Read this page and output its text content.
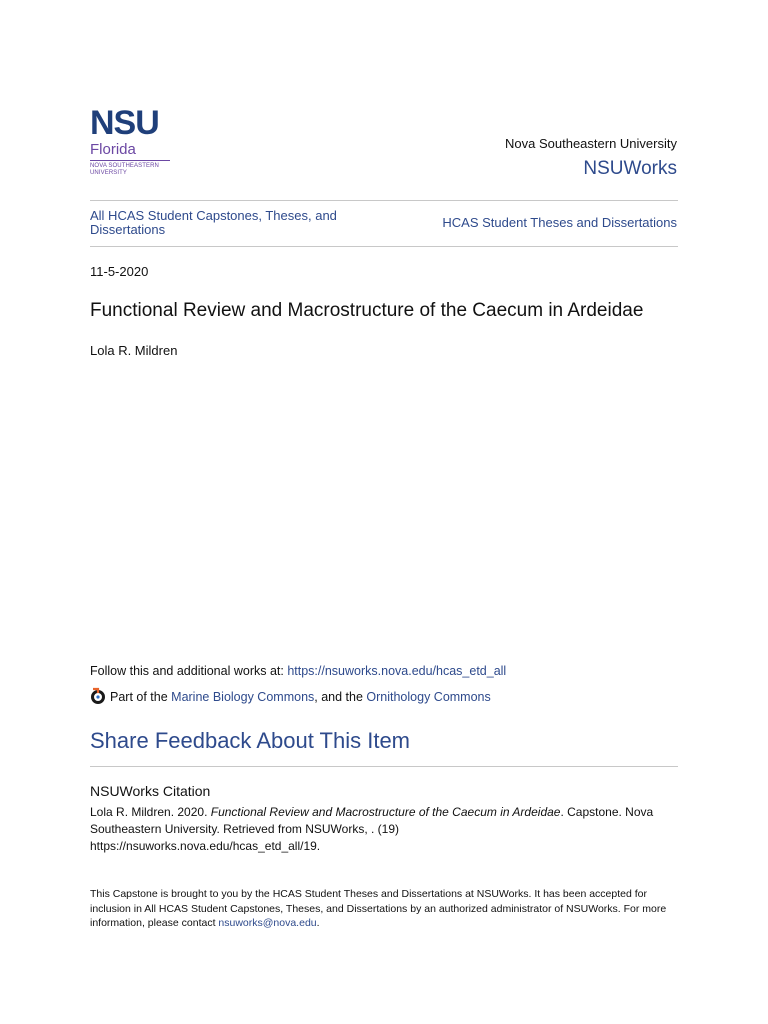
NSU
Florida
NOVA SOUTHEASTERN
UNIVERSITY
Nova Southeastern University
NSUWorks
All HCAS Student Capstones, Theses, and Dissertations	HCAS Student Theses and Dissertations
11-5-2020
Functional Review and Macrostructure of the Caecum in Ardeidae
Lola R. Mildren
Follow this and additional works at: https://nsuworks.nova.edu/hcas_etd_all
Part of the Marine Biology Commons , and the Ornithology Commons
Share Feedback About This Item
NSUWorks Citation
Lola R. Mildren. 2020. Functional Review and Macrostructure of the Caecum in Ardeidae. Capstone. Nova Southeastern University. Retrieved from NSUWorks, . (19)
https://nsuworks.nova.edu/hcas_etd_all/19.
This Capstone is brought to you by the HCAS Student Theses and Dissertations at NSUWorks. It has been accepted for inclusion in All HCAS Student Capstones, Theses, and Dissertations by an authorized administrator of NSUWorks. For more information, please contact nsuworks@nova.edu.
